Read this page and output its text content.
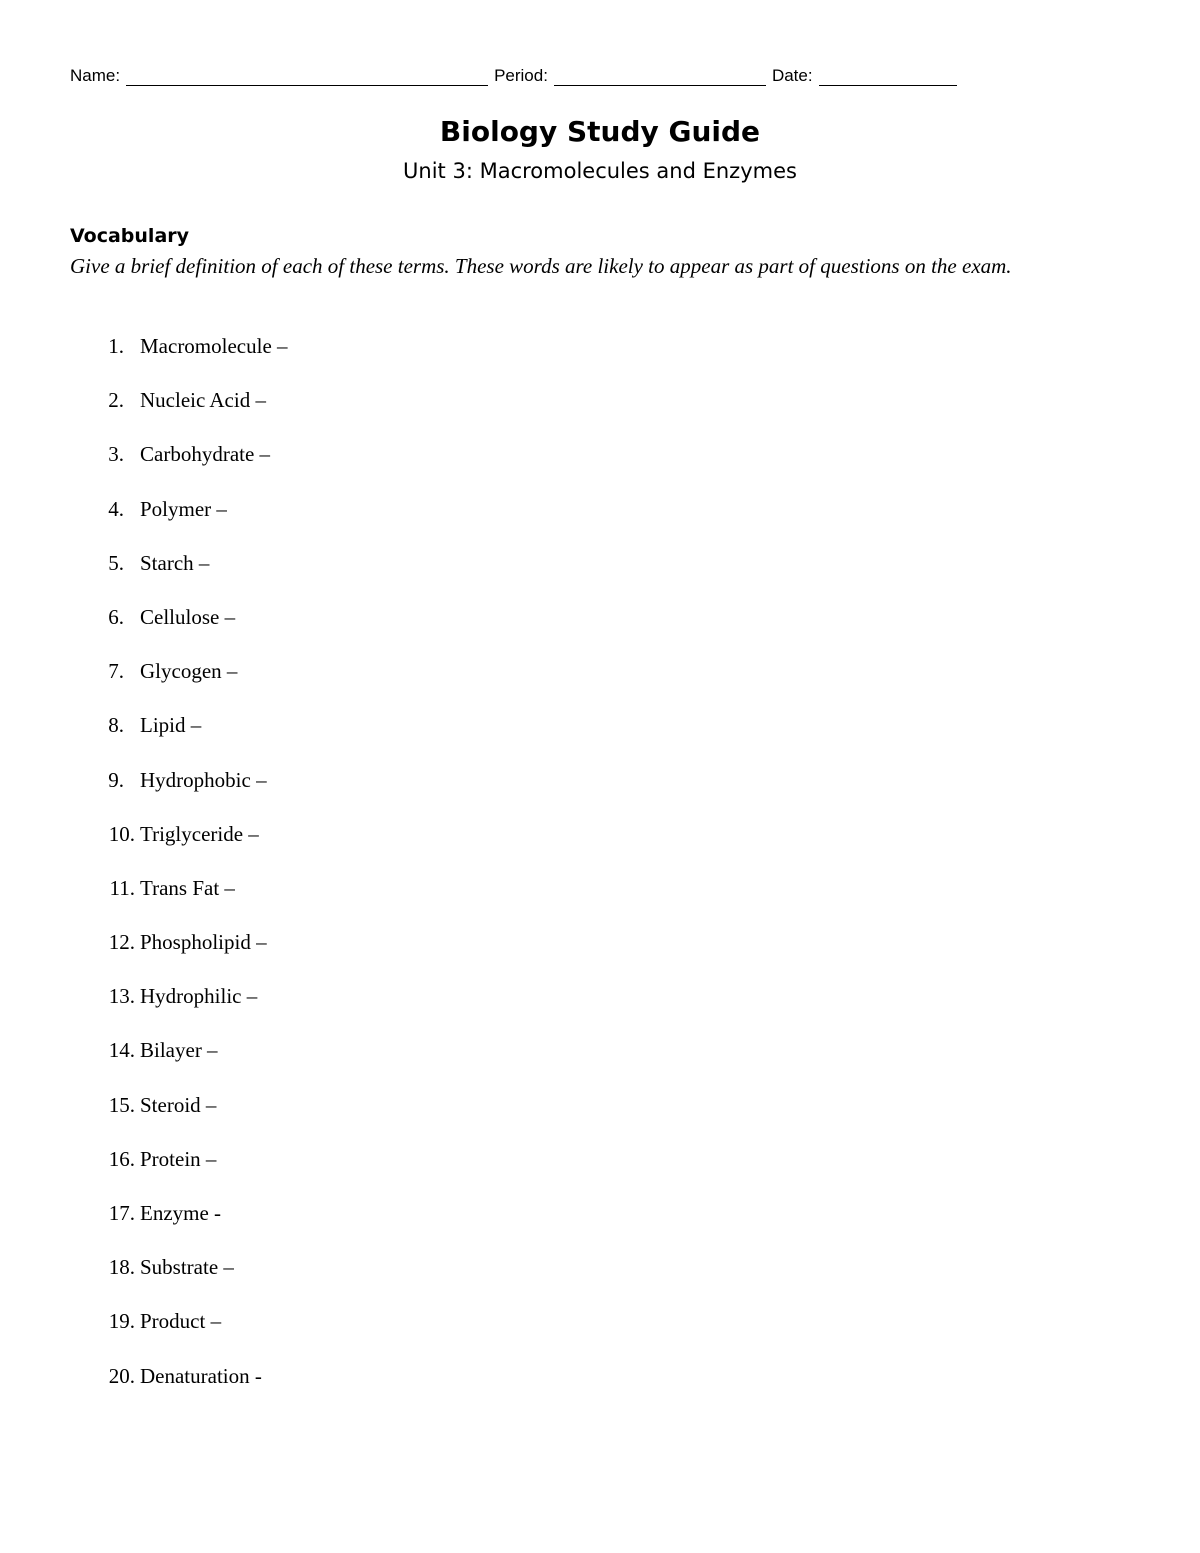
Name:	Period:	Date:
Biology Study Guide
Unit 3: Macromolecules and Enzymes
Vocabulary
Give a brief definition of each of these terms. These words are likely to appear as part of questions on the exam.
1. Macromolecule –
2. Nucleic Acid –
3. Carbohydrate –
4. Polymer –
5. Starch –
6. Cellulose –
7. Glycogen –
8. Lipid –
9. Hydrophobic –
10. Triglyceride –
11. Trans Fat –
12. Phospholipid –
13. Hydrophilic –
14. Bilayer –
15. Steroid –
16. Protein –
17. Enzyme -
18. Substrate –
19. Product –
20. Denaturation -
